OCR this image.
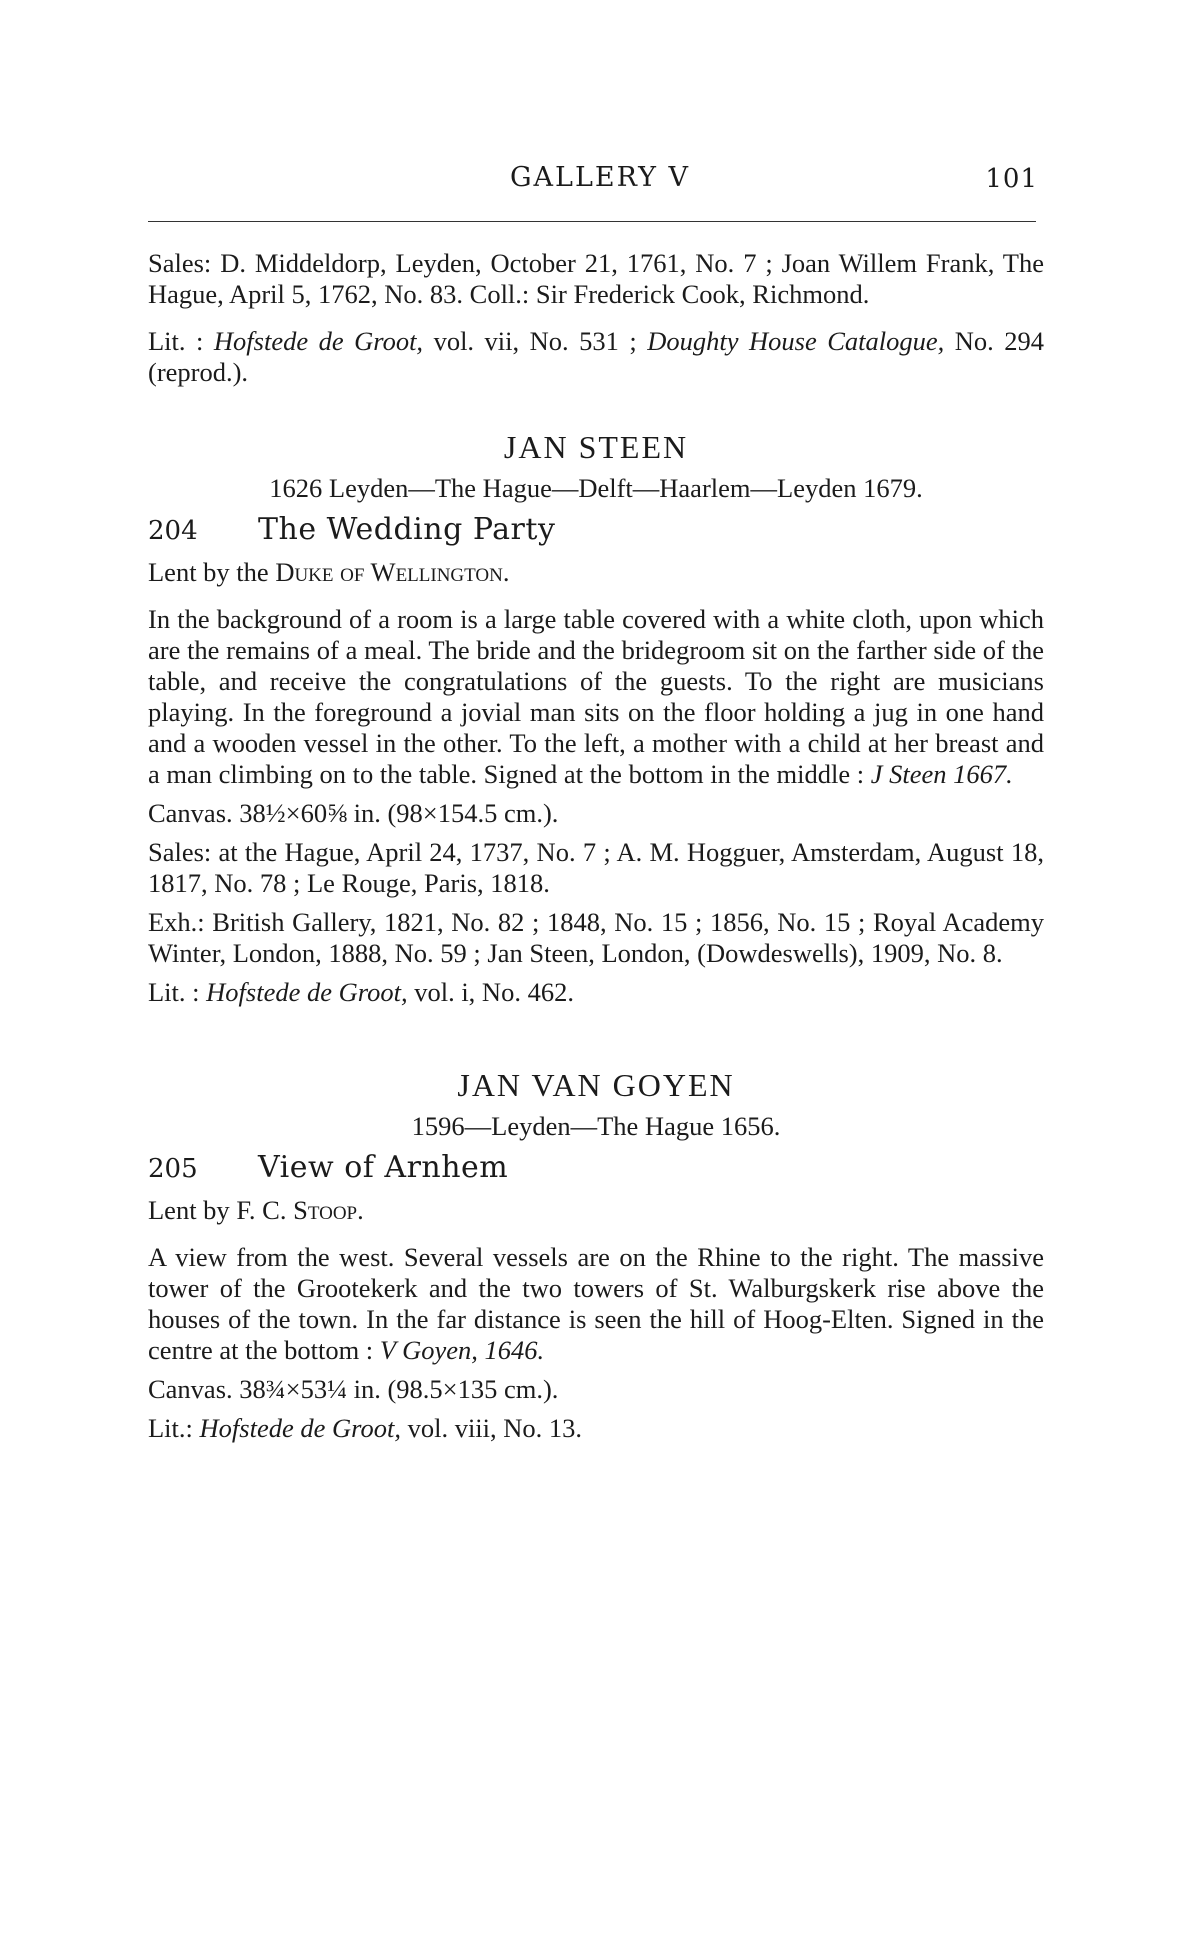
GALLERY V	101

Sales: D. Middeldorp, Leyden, October 21, 1761, No. 7 ; Joan Willem Frank, The Hague, April 5, 1762, No. 83. Coll.: Sir Frederick Cook, Richmond.

Lit. : Hofstede de Groot, vol. vii, No. 531 ; Doughty House Catalogue, No. 294 (reprod.).

JAN STEEN
1626 Leyden—The Hague—Delft—Haarlem—Leyden 1679.
204	The Wedding Party

Lent by the Duke of Wellington.

In the background of a room is a large table covered with a white cloth, upon which are the remains of a meal. The bride and the bridegroom sit on the farther side of the table, and receive the congratulations of the guests. To the right are musicians playing. In the foreground a jovial man sits on the floor holding a jug in one hand and a wooden vessel in the other. To the left, a mother with a child at her breast and a man climbing on to the table. Signed at the bottom in the middle : J Steen 1667.

Canvas. 38½×60⅝ in. (98×154.5 cm.).

Sales: at the Hague, April 24, 1737, No. 7 ; A. M. Hogguer, Amsterdam, August 18, 1817, No. 78 ; Le Rouge, Paris, 1818.

Exh.: British Gallery, 1821, No. 82 ; 1848, No. 15 ; 1856, No. 15 ; Royal Academy Winter, London, 1888, No. 59 ; Jan Steen, London, (Dowdeswells), 1909, No. 8.

Lit. : Hofstede de Groot, vol. i, No. 462.

JAN VAN GOYEN
1596—Leyden—The Hague 1656.
205	View of Arnhem

Lent by F. C. Stoop.

A view from the west. Several vessels are on the Rhine to the right. The massive tower of the Grootekerk and the two towers of St. Walburgskerk rise above the houses of the town. In the far distance is seen the hill of Hoog-Elten. Signed in the centre at the bottom : V Goyen, 1646.

Canvas. 38¾×53¼ in. (98.5×135 cm.).

Lit.: Hofstede de Groot, vol. viii, No. 13.
